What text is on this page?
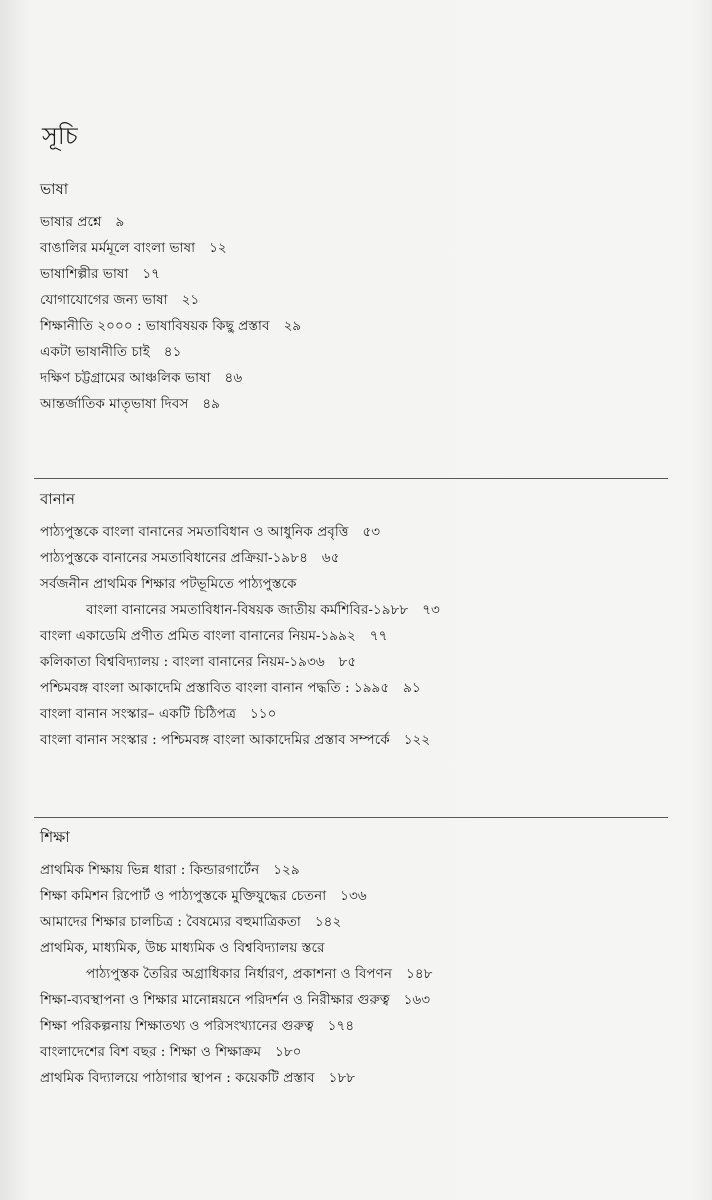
সূচি
ভাষা
ভাষার প্রশ্নে ৯
বাঙালির মর্মমূলে বাংলা ভাষা ১২
ভাষাশিল্পীর ভাষা ১৭
যোগাযোগের জন্য ভাষা ২১
শিক্ষানীতি ২০০০ : ভাষাবিষয়ক কিছু প্রস্তাব ২৯
একটা ভাষানীতি চাই ৪১
দক্ষিণ চট্টগ্রামের আঞ্চলিক ভাষা ৪৬
আন্তর্জাতিক মাতৃভাষা দিবস ৪৯
বানান
পাঠ্যপুস্তকে বাংলা বানানের সমতাবিধান ও আধুনিক প্রবৃত্তি ৫৩
পাঠ্যপুস্তকে বানানের সমতাবিধানের প্রক্রিয়া-১৯৮৪ ৬৫
সর্বজনীন প্রাথমিক শিক্ষার পটভূমিতে পাঠ্যপুস্তকে
বাংলা বানানের সমতাবিধান-বিষয়ক জাতীয় কর্মশিবির-১৯৮৮ ৭৩
বাংলা একাডেমি প্রণীত প্রমিত বাংলা বানানের নিয়ম-১৯৯২ ৭৭
কলিকাতা বিশ্ববিদ্যালয় : বাংলা বানানের নিয়ম-১৯৩৬ ৮৫
পশ্চিমবঙ্গ বাংলা আকাদেমি প্রস্তাবিত বাংলা বানান পদ্ধতি : ১৯৯৫ ৯১
বাংলা বানান সংস্কার– একটি চিঠিপত্র ১১০
বাংলা বানান সংস্কার : পশ্চিমবঙ্গ বাংলা আকাদেমির প্রস্তাব সম্পর্কে ১২২
শিক্ষা
প্রাথমিক শিক্ষায় ভিন্ন ধারা : কিন্ডারগার্টেন ১২৯
শিক্ষা কমিশন রিপোর্ট ও পাঠ্যপুস্তকে মুক্তিযুদ্ধের চেতনা ১৩৬
আমাদের শিক্ষার চালচিত্র : বৈষম্যের বহুমাত্রিকতা ১৪২
প্রাথমিক, মাধ্যমিক, উচ্চ মাধ্যমিক ও বিশ্ববিদ্যালয় স্তরে
পাঠ্যপুস্তক তৈরির অগ্রাধিকার নির্ধারণ, প্রকাশনা ও বিপণন ১৪৮
শিক্ষা-ব্যবস্থাপনা ও শিক্ষার মানোন্নয়নে পরিদর্শন ও নিরীক্ষার গুরুত্ব ১৬৩
শিক্ষা পরিকল্পনায় শিক্ষাতথ্য ও পরিসংখ্যানের গুরুত্ব ১৭৪
বাংলাদেশের বিশ বছর : শিক্ষা ও শিক্ষাক্রম ১৮০
প্রাথমিক বিদ্যালয়ে পাঠাগার স্থাপন : কয়েকটি প্রস্তাব ১৮৮
